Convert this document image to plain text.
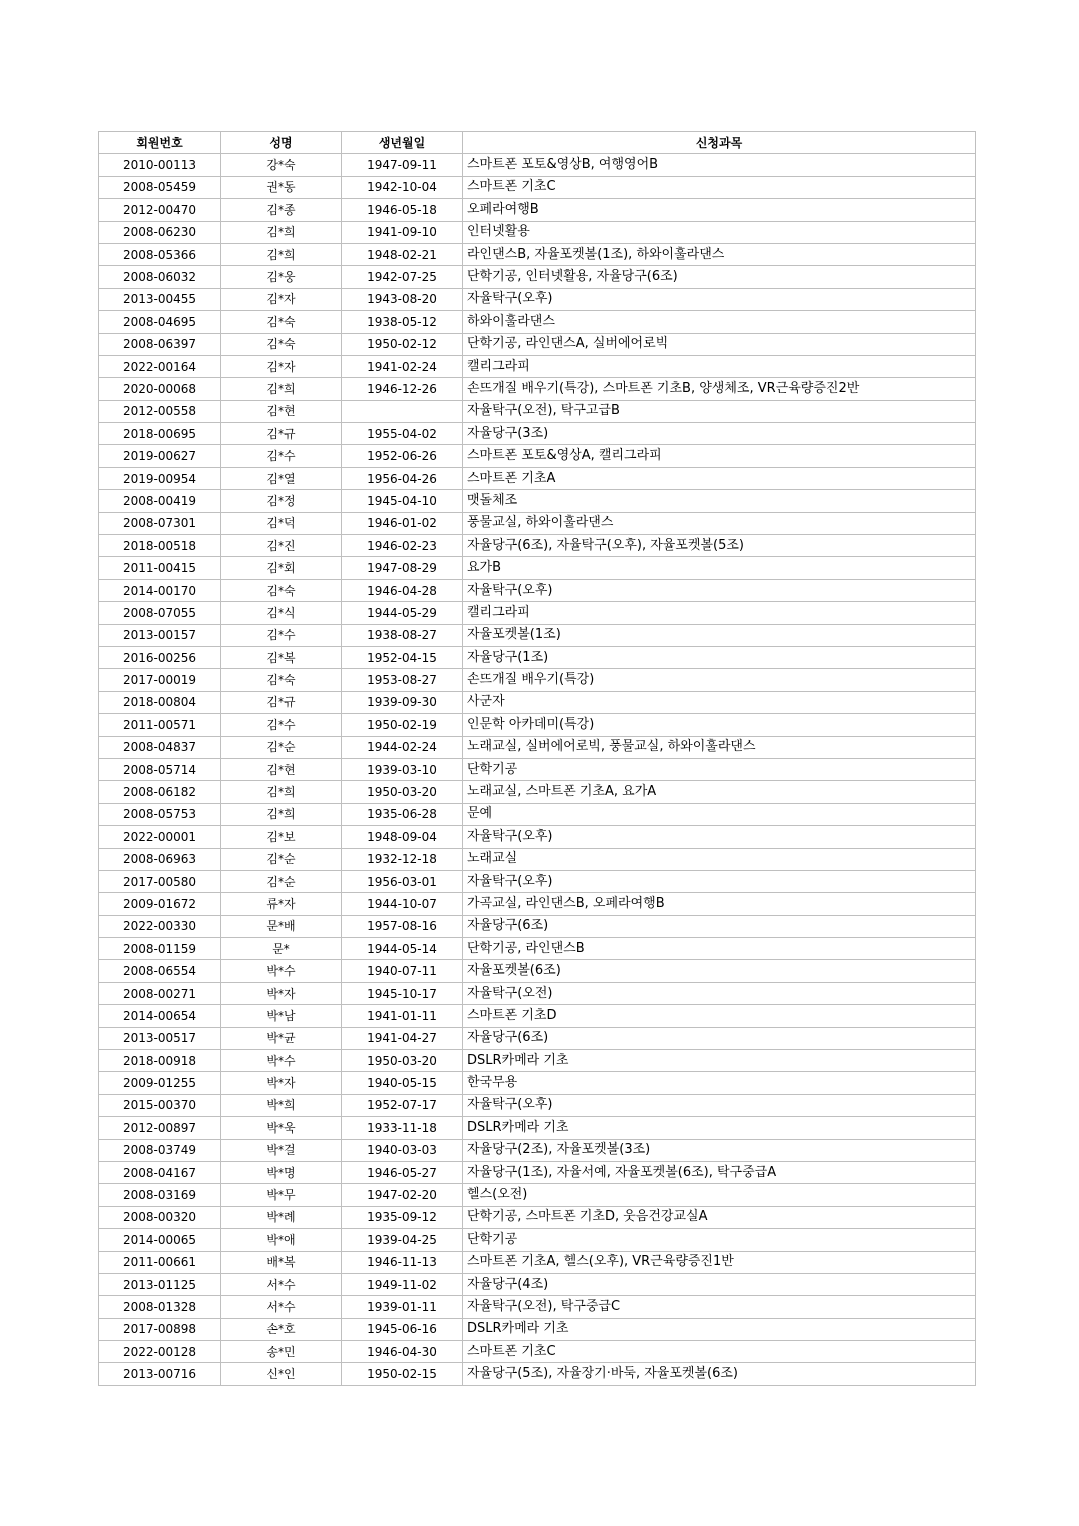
회원번호	성명	생년월일	신청과목
2010-00113	강*숙	1947-09-11	스마트폰 포토&영상B, 여행영어B
2008-05459	권*동	1942-10-04	스마트폰 기초C
2012-00470	김*종	1946-05-18	오페라여행B
2008-06230	김*희	1941-09-10	인터넷활용
2008-05366	김*희	1948-02-21	라인댄스B, 자율포켓볼(1조), 하와이훌라댄스
2008-06032	김*웅	1942-07-25	단학기공, 인터넷활용, 자율당구(6조)
2013-00455	김*자	1943-08-20	자율탁구(오후)
2008-04695	김*숙	1938-05-12	하와이훌라댄스
2008-06397	김*숙	1950-02-12	단학기공, 라인댄스A, 실버에어로빅
2022-00164	김*자	1941-02-24	캘리그라피
2020-00068	김*희	1946-12-26	손뜨개질 배우기(특강), 스마트폰 기초B, 양생체조, VR근육량증진2반
2012-00558	김*현		자율탁구(오전), 탁구고급B
2018-00695	김*규	1955-04-02	자율당구(3조)
2019-00627	김*수	1952-06-26	스마트폰 포토&영상A, 캘리그라피
2019-00954	김*열	1956-04-26	스마트폰 기초A
2008-00419	김*정	1945-04-10	맷돌체조
2008-07301	김*덕	1946-01-02	풍물교실, 하와이훌라댄스
2018-00518	김*진	1946-02-23	자율당구(6조), 자율탁구(오후), 자율포켓볼(5조)
2011-00415	김*회	1947-08-29	요가B
2014-00170	김*숙	1946-04-28	자율탁구(오후)
2008-07055	김*식	1944-05-29	캘리그라피
2013-00157	김*수	1938-08-27	자율포켓볼(1조)
2016-00256	김*복	1952-04-15	자율당구(1조)
2017-00019	김*숙	1953-08-27	손뜨개질 배우기(특강)
2018-00804	김*규	1939-09-30	사군자
2011-00571	김*수	1950-02-19	인문학 아카데미(특강)
2008-04837	김*순	1944-02-24	노래교실, 실버에어로빅, 풍물교실, 하와이훌라댄스
2008-05714	김*현	1939-03-10	단학기공
2008-06182	김*희	1950-03-20	노래교실, 스마트폰 기초A, 요가A
2008-05753	김*희	1935-06-28	문예
2022-00001	김*보	1948-09-04	자율탁구(오후)
2008-06963	김*순	1932-12-18	노래교실
2017-00580	김*순	1956-03-01	자율탁구(오후)
2009-01672	류*자	1944-10-07	가곡교실, 라인댄스B, 오페라여행B
2022-00330	문*배	1957-08-16	자율당구(6조)
2008-01159	문*	1944-05-14	단학기공, 라인댄스B
2008-06554	박*수	1940-07-11	자율포켓볼(6조)
2008-00271	박*자	1945-10-17	자율탁구(오전)
2014-00654	박*남	1941-01-11	스마트폰 기초D
2013-00517	박*균	1941-04-27	자율당구(6조)
2018-00918	박*수	1950-03-20	DSLR카메라 기초
2009-01255	박*자	1940-05-15	한국무용
2015-00370	박*희	1952-07-17	자율탁구(오후)
2012-00897	박*욱	1933-11-18	DSLR카메라 기초
2008-03749	박*걸	1940-03-03	자율당구(2조), 자율포켓볼(3조)
2008-04167	박*명	1946-05-27	자율당구(1조), 자율서예, 자율포켓볼(6조), 탁구중급A
2008-03169	박*무	1947-02-20	헬스(오전)
2008-00320	박*례	1935-09-12	단학기공, 스마트폰 기초D, 웃음건강교실A
2014-00065	박*애	1939-04-25	단학기공
2011-00661	배*복	1946-11-13	스마트폰 기초A, 헬스(오후), VR근육량증진1반
2013-01125	서*수	1949-11-02	자율당구(4조)
2008-01328	서*수	1939-01-11	자율탁구(오전), 탁구중급C
2017-00898	손*호	1945-06-16	DSLR카메라 기초
2022-00128	송*민	1946-04-30	스마트폰 기초C
2013-00716	신*인	1950-02-15	자율당구(5조), 자율장기·바둑, 자율포켓볼(6조)
